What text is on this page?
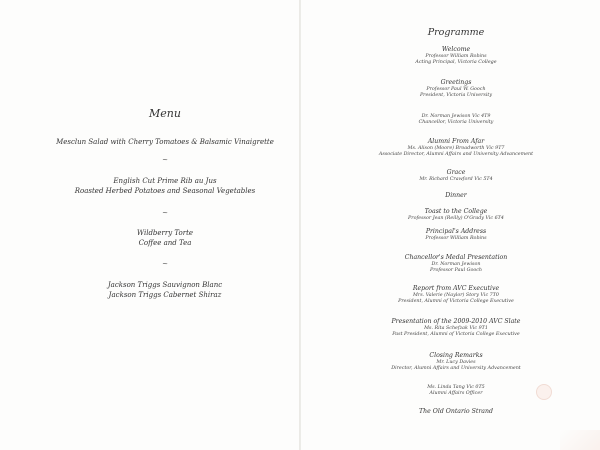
Menu
Mesclun Salad with Cherry Tomatoes & Balsamic Vinaigrette
~
English Cut Prime Rib au Jus
Roasted Herbed Potatoes and Seasonal Vegetables
~
Wildberry Torte
Coffee and Tea
~
Jackson Triggs Sauvignon Blanc
Jackson Triggs Cabernet Shiraz
Programme
Welcome
Professor William Robins
Acting Principal, Victoria College
Greetings
Professor Paul W. Gooch
President, Victoria University
Dr. Norman Jewison Vic 4T9
Chancellor, Victoria University
Alumni From Afar
Ms. Alison (Moore) Broadworth Vic 9T7
Associate Director, Alumni Affairs and University Advancement
Grace
Mr. Richard Crawford Vic 5T4
Dinner
Toast to the College
Professor Jean (Reilly) O'Grady Vic 6T4
Principal's Address
Professor William Robins
Chancellor's Medal Presentation
Dr. Norman Jewison
Professor Paul Gooch
Report from AVC Executive
Mrs. Valerie (Naylor) Story Vic 7T0
President, Alumni of Victoria College Executive
Presentation of the 2009-2010 AVC Slate
Ms. Rita Schefzak Vic 9T1
Past President, Alumni of Victoria College Executive
Closing Remarks
Mr. Lucy Davies
Director, Alumni Affairs and University Advancement
Ms. Linda Tang Vic 0T5
Alumni Affairs Officer
The Old Ontario Strand
